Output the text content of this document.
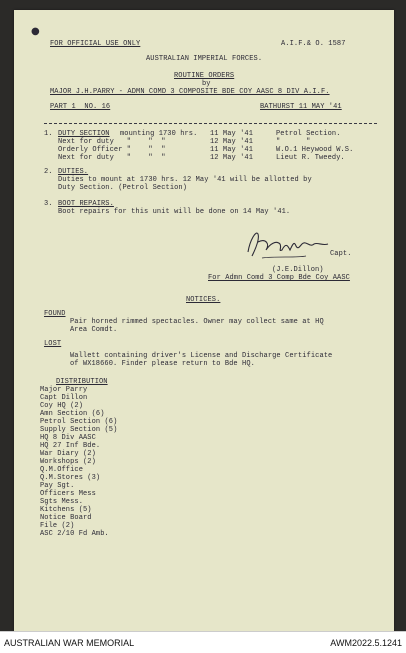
●
FOR OFFICIAL USE ONLY	A.I.F.& O. 1587
AUSTRALIAN IMPERIAL FORCES.
ROUTINE ORDERS
by
MAJOR J.H.PARRY - ADMN COMD 3 COMPOSITE BDE COY AASC 8 DIV A.I.F.
PART 1  NO. 16	BATHURST 11 MAY '41
1. DUTY SECTION mounting 1730 hrs. 11 May '41	Petrol Section.
Next for duty   "    "  "	12 May '41	"      "
Orderly Officer "    "  "	11 May '41	W.O.1 Heywood W.S.
Next for duty   "    "  "	12 May '41	Lieut R. Tweedy.
2. DUTIES.
Duties to mount at 1730 hrs. 12 May '41 will be allotted by
Duty Section. (Petrol Section)
3. BOOT REPAIRS.
Boot repairs for this unit will be done on 14 May '41.
Capt.
(J.E.Dillon)
For Admn Comd 3 Comp Bde Coy AASC
NOTICES.
FOUND
Pair horned rimmed spectacles. Owner may collect same at HQ
Area Comdt.
LOST
Wallett containing driver's License and Discharge Certificate
of WX18660. Finder please return to Bde HQ.
DISTRIBUTION
Major Parry
Capt Dillon
Coy HQ (2)
Amn Section (6)
Petrol Section (6)
Supply Section (5)
HQ 8 Div AASC
HQ 27 Inf Bde.
War Diary (2)
Workshops (2)
Q.M.Office
Q.M.Stores (3)
Pay Sgt.
Officers Mess
Sgts Mess.
Kitchens (5)
Notice Board
File (2)
ASC 2/10 Fd Amb.
AUSTRALIAN WAR MEMORIAL	AWM2022.5.1241
